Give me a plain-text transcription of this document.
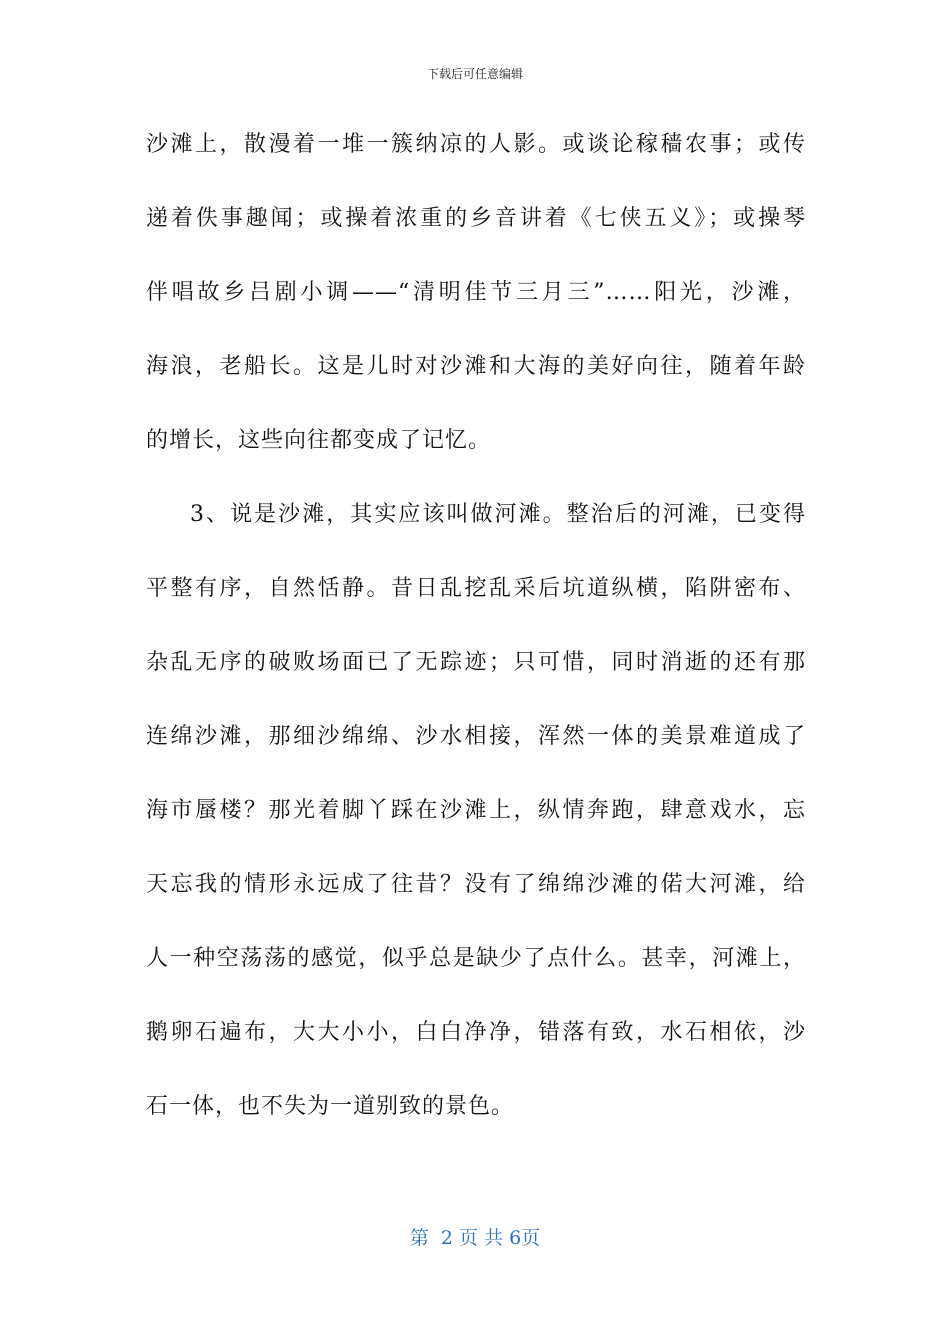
下载后可任意编辑
沙滩上，散漫着一堆一簇纳凉的人影。或谈论稼穑农事；或传
递着佚事趣闻；或操着浓重的乡音讲着《七侠五义》；或操琴
伴唱故乡吕剧小调——“清明佳节三月三”……阳光，沙滩，
海浪，老船长。这是儿时对沙滩和大海的美好向往，随着年龄
的增长，这些向往都变成了记忆。
3、说是沙滩，其实应该叫做河滩。整治后的河滩，已变得
平整有序，自然恬静。昔日乱挖乱采后坑道纵横，陷阱密布、
杂乱无序的破败场面已了无踪迹；只可惜，同时消逝的还有那
连绵沙滩，那细沙绵绵、沙水相接，浑然一体的美景难道成了
海市蜃楼？那光着脚丫踩在沙滩上，纵情奔跑，肆意戏水，忘
天忘我的情形永远成了往昔？没有了绵绵沙滩的偌大河滩，给
人一种空荡荡的感觉，似乎总是缺少了点什么。甚幸，河滩上，
鹅卵石遍布，大大小小，白白净净，错落有致，水石相依，沙
石一体，也不失为一道别致的景色。
第  2 页 共 6页
